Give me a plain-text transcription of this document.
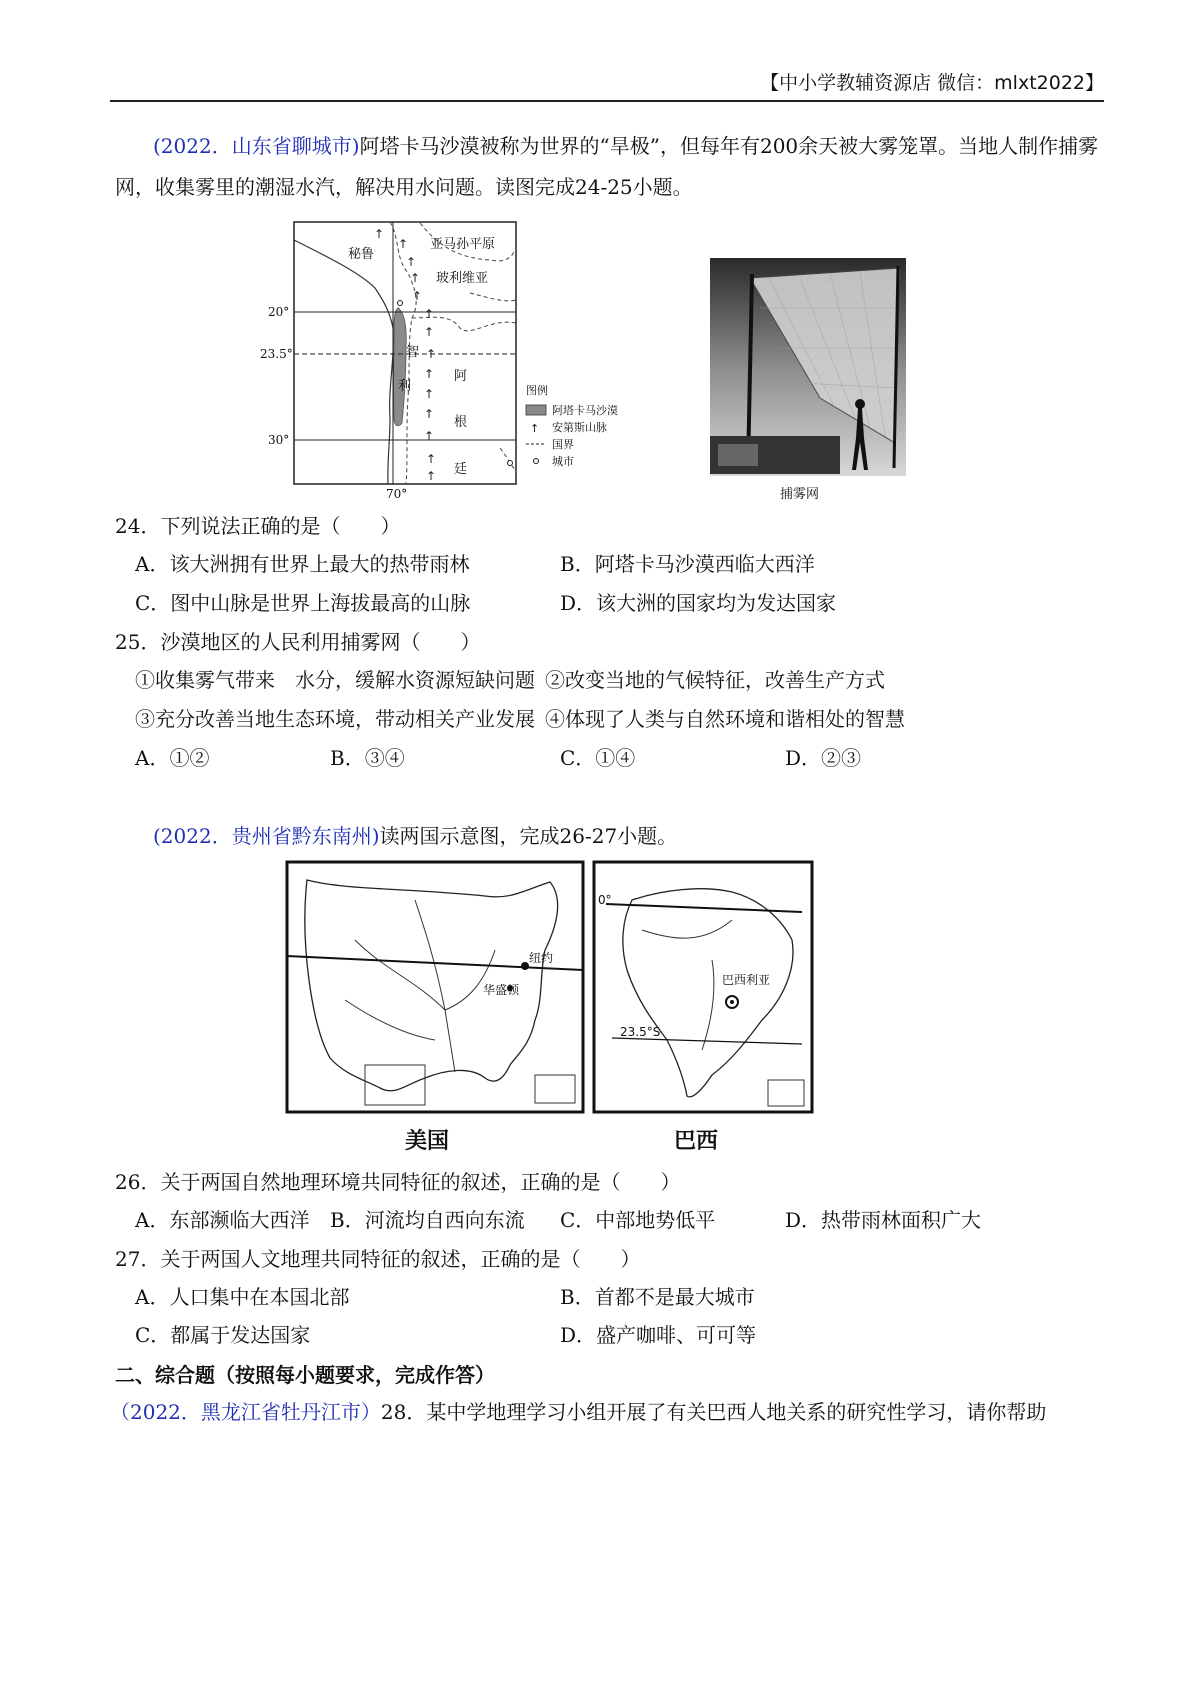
【中小学教辅资源店 微信：mlxt2022】
(2022．山东省聊城市)阿塔卡马沙漠被称为世界的“旱极”，但每年有200余天被大雾笼罩。当地人制作捕雾网，收集雾里的潮湿水汽，解决用水问题。读图完成24-25小题。
↑
↑
↑
↑
↑
↑
↑
↑
↑
↑
↑
↑
↑
↑
秘鲁
亚马孙平原
玻利维亚
智
利
阿
根
廷
20°
23.5°
30°
70°
图例
阿塔卡马沙漠
↑ 安第斯山脉
国界
城市
捕雾网
24．下列说法正确的是（　　）
A．该大洲拥有世界上最大的热带雨林	B．阿塔卡马沙漠西临大西洋
C．图中山脉是世界上海拔最高的山脉	D．该大洲的国家均为发达国家
25．沙漠地区的人民利用捕雾网（　　）
①收集雾气带来　水分，缓解水资源短缺问题 ②改变当地的气候特征，改善生产方式
③充分改善当地生态环境，带动相关产业发展 ④体现了人类与自然环境和谐相处的智慧
A．①②	B．③④	C．①④	D．②③
(2022．贵州省黔东南州)读两国示意图，完成26-27小题。
纽约
华盛顿
美国
0°
巴西利亚
23.5°S
巴西
26．关于两国自然地理环境共同特征的叙述，正确的是（　　）
A．东部濒临大西洋 B．河流均自西向东流 C．中部地势低平	D．热带雨林面积广大
27．关于两国人文地理共同特征的叙述，正确的是（　　）
A．人口集中在本国北部	B．首都不是最大城市
C．都属于发达国家	D．盛产咖啡、可可等
二、综合题（按照每小题要求，完成作答）
（2022．黑龙江省牡丹江市）28．某中学地理学习小组开展了有关巴西人地关系的研究性学习，请你帮助
